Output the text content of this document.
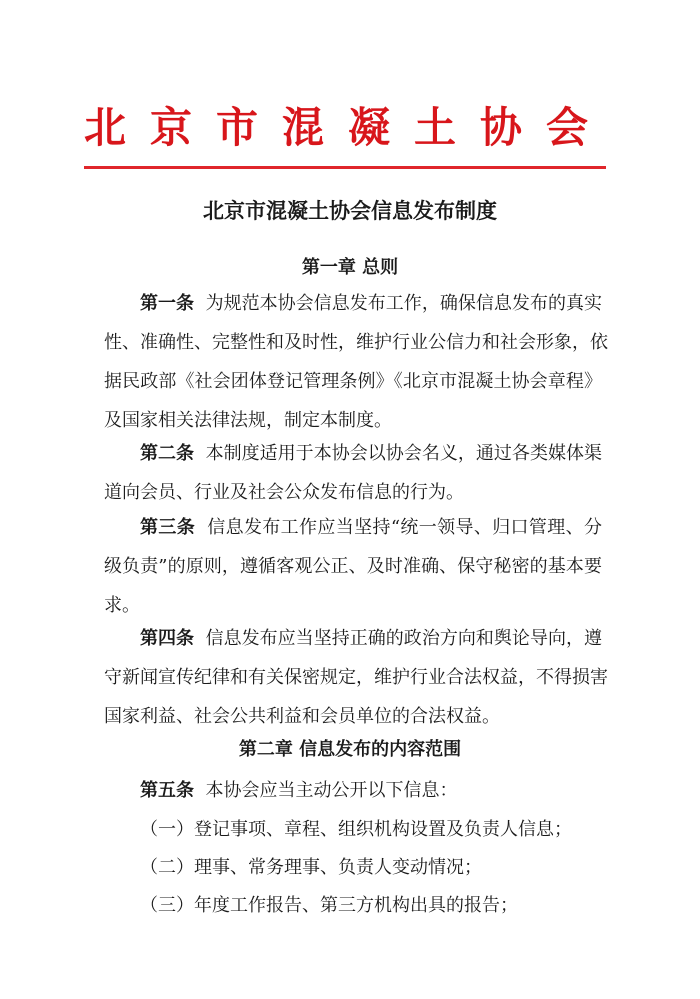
北京市混凝土协会
北京市混凝土协会信息发布制度
第一章 总则
第一条 为规范本协会信息发布工作，确保信息发布的真实
性、准确性、完整性和及时性，维护行业公信力和社会形象，依
据民政部《社会团体登记管理条例》《北京市混凝土协会章程》
及国家相关法律法规，制定本制度。
第二条 本制度适用于本协会以协会名义，通过各类媒体渠
道向会员、行业及社会公众发布信息的行为。
第三条 信息发布工作应当坚持“统一领导、归口管理、分
级负责”的原则，遵循客观公正、及时准确、保守秘密的基本要
求。
第四条 信息发布应当坚持正确的政治方向和舆论导向，遵
守新闻宣传纪律和有关保密规定，维护行业合法权益，不得损害
国家利益、社会公共利益和会员单位的合法权益。
第二章 信息发布的内容范围
第五条 本协会应当主动公开以下信息：
（一）登记事项、章程、组织机构设置及负责人信息；
（二）理事、常务理事、负责人变动情况；
（三）年度工作报告、第三方机构出具的报告；
